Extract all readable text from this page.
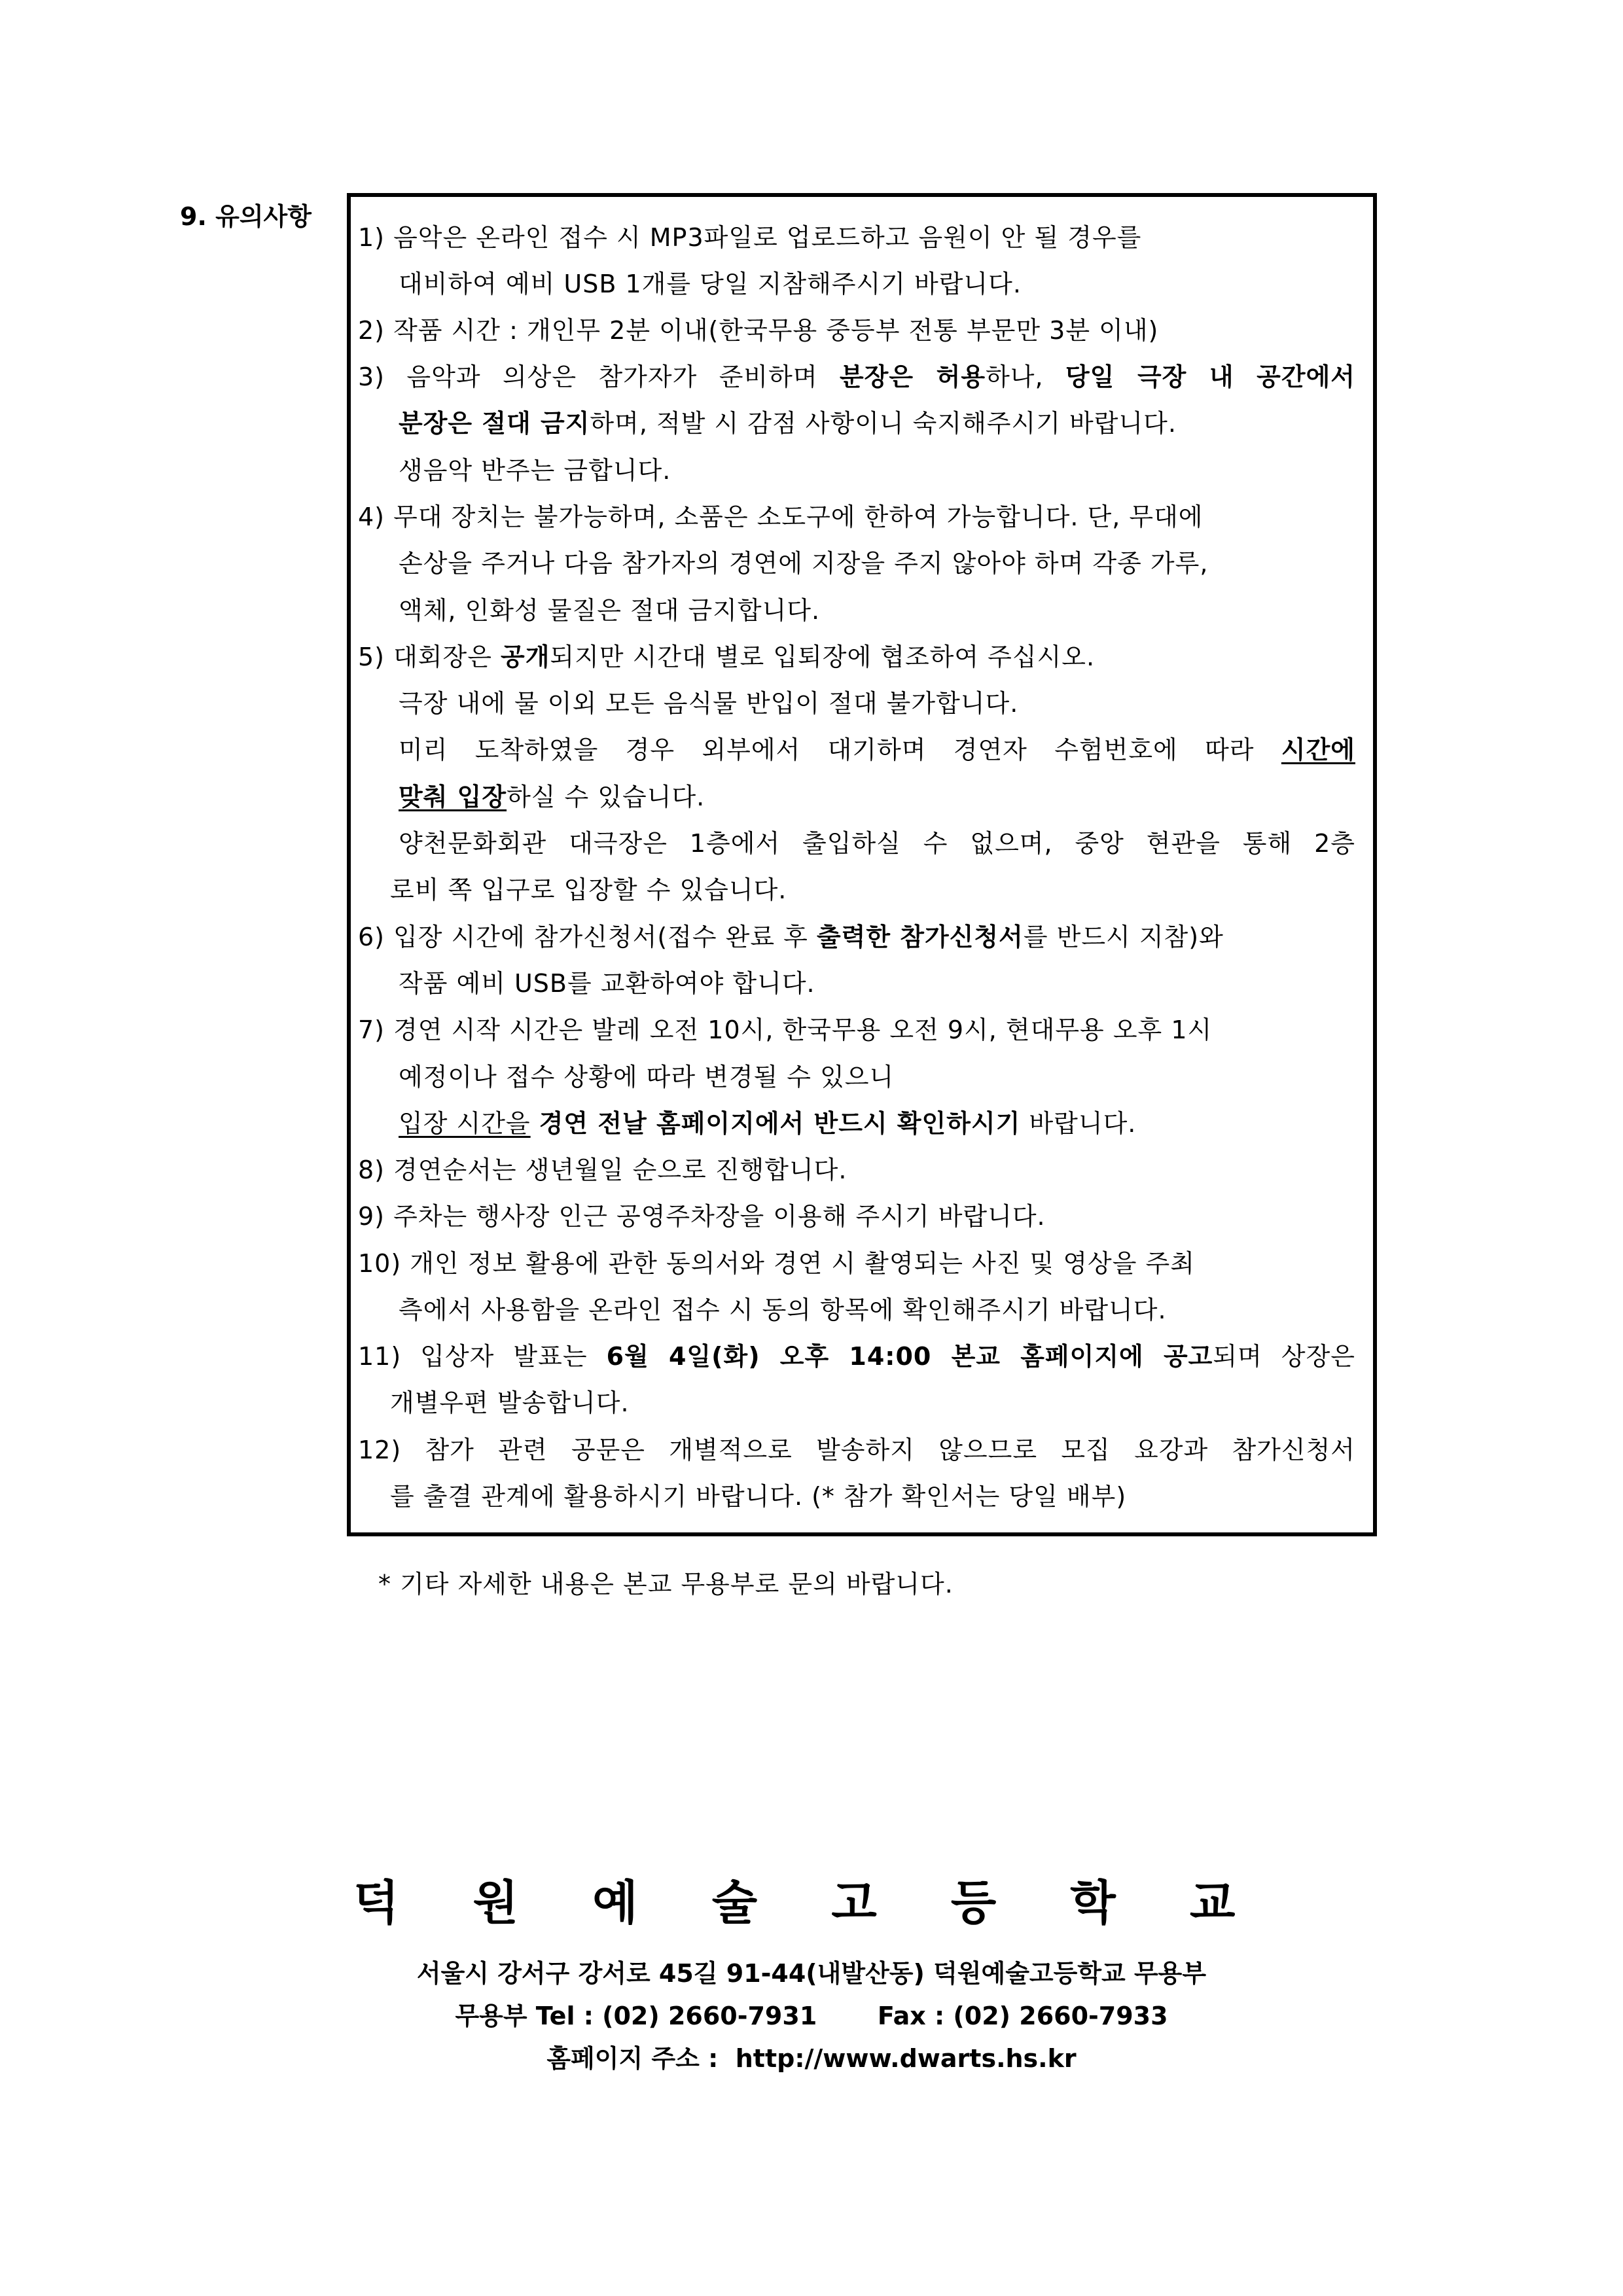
9. 유의사항
1) 음악은 온라인 접수 시 MP3파일로 업로드하고 음원이 안 될 경우를
대비하여 예비 USB 1개를 당일 지참해주시기 바랍니다.
2) 작품 시간 : 개인무 2분 이내(한국무용 중등부 전통 부문만 3분 이내)
3) 음악과 의상은 참가자가 준비하며 분장은 허용하나, 당일 극장 내 공간에서
분장은 절대 금지하며, 적발 시 감점 사항이니 숙지해주시기 바랍니다.
생음악 반주는 금합니다.
4) 무대 장치는 불가능하며, 소품은 소도구에 한하여 가능합니다. 단, 무대에
손상을 주거나 다음 참가자의 경연에 지장을 주지 않아야 하며 각종 가루,
액체, 인화성 물질은 절대 금지합니다.
5) 대회장은 공개되지만 시간대 별로 입퇴장에 협조하여 주십시오.
극장 내에 물 이외 모든 음식물 반입이 절대 불가합니다.
미리 도착하였을 경우 외부에서 대기하며 경연자 수험번호에 따라 시간에
맞춰 입장하실 수 있습니다.
양천문화회관 대극장은 1층에서 출입하실 수 없으며, 중앙 현관을 통해 2층
로비 쪽 입구로 입장할 수 있습니다.
6) 입장 시간에 참가신청서(접수 완료 후 출력한 참가신청서를 반드시 지참)와
작품 예비 USB를 교환하여야 합니다.
7) 경연 시작 시간은 발레 오전 10시, 한국무용 오전 9시, 현대무용 오후 1시
예정이나 접수 상황에 따라 변경될 수 있으니
입장 시간을 경연 전날 홈페이지에서 반드시 확인하시기 바랍니다.
8) 경연순서는 생년월일 순으로 진행합니다.
9) 주차는 행사장 인근 공영주차장을 이용해 주시기 바랍니다.
10) 개인 정보 활용에 관한 동의서와 경연 시 촬영되는 사진 및 영상을 주최
측에서 사용함을 온라인 접수 시 동의 항목에 확인해주시기 바랍니다.
11) 입상자 발표는 6월 4일(화) 오후 14:00 본교 홈페이지에 공고되며 상장은
개별우편 발송합니다.
12) 참가 관련 공문은 개별적으로 발송하지 않으므로 모집 요강과 참가신청서
를 출결 관계에 활용하시기 바랍니다. (* 참가 확인서는 당일 배부)
* 기타 자세한 내용은 본교 무용부로 문의 바랍니다.
덕원예술고등학교
서울시 강서구 강서로 45길 91-44(내발산동) 덕원예술고등학교 무용부
무용부 Tel : (02) 2660-7931       Fax : (02) 2660-7933
홈페이지 주소 :  http://www.dwarts.hs.kr
